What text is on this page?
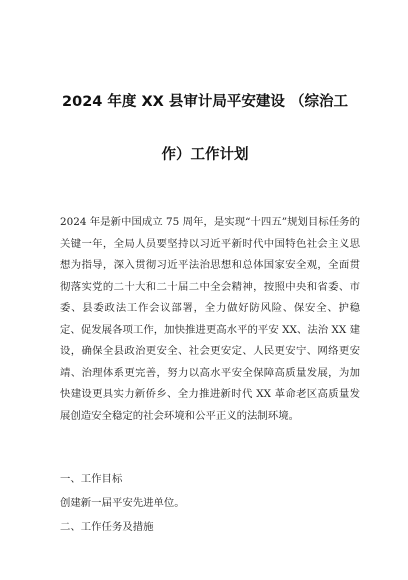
2024 年度 XX 县审计局平安建设 （综治工
作）工作计划
2024 年是新中国成立 75 周年，是实现“十四五”规划目标任务的关键一年，全局人员要坚持以习近平新时代中国特色社会主义思想为指导，深入贯彻习近平法治思想和总体国家安全观，全面贯彻落实党的二十大和二十届二中全会精神，按照中央和省委、市委、县委政法工作会议部署，全力做好防风险、保安全、护稳定、促发展各项工作，加快推进更高水平的平安 XX、法治 XX 建设，确保全县政治更安全、社会更安定、人民更安宁、网络更安靖、治理体系更完善，努力以高水平安全保障高质量发展，为加快建设更具实力新侨乡、全力推进新时代 XX 革命老区高质量发展创造安全稳定的社会环境和公平正义的法制环境。
一、工作目标
创建新一届平安先进单位。
二、工作任务及措施
